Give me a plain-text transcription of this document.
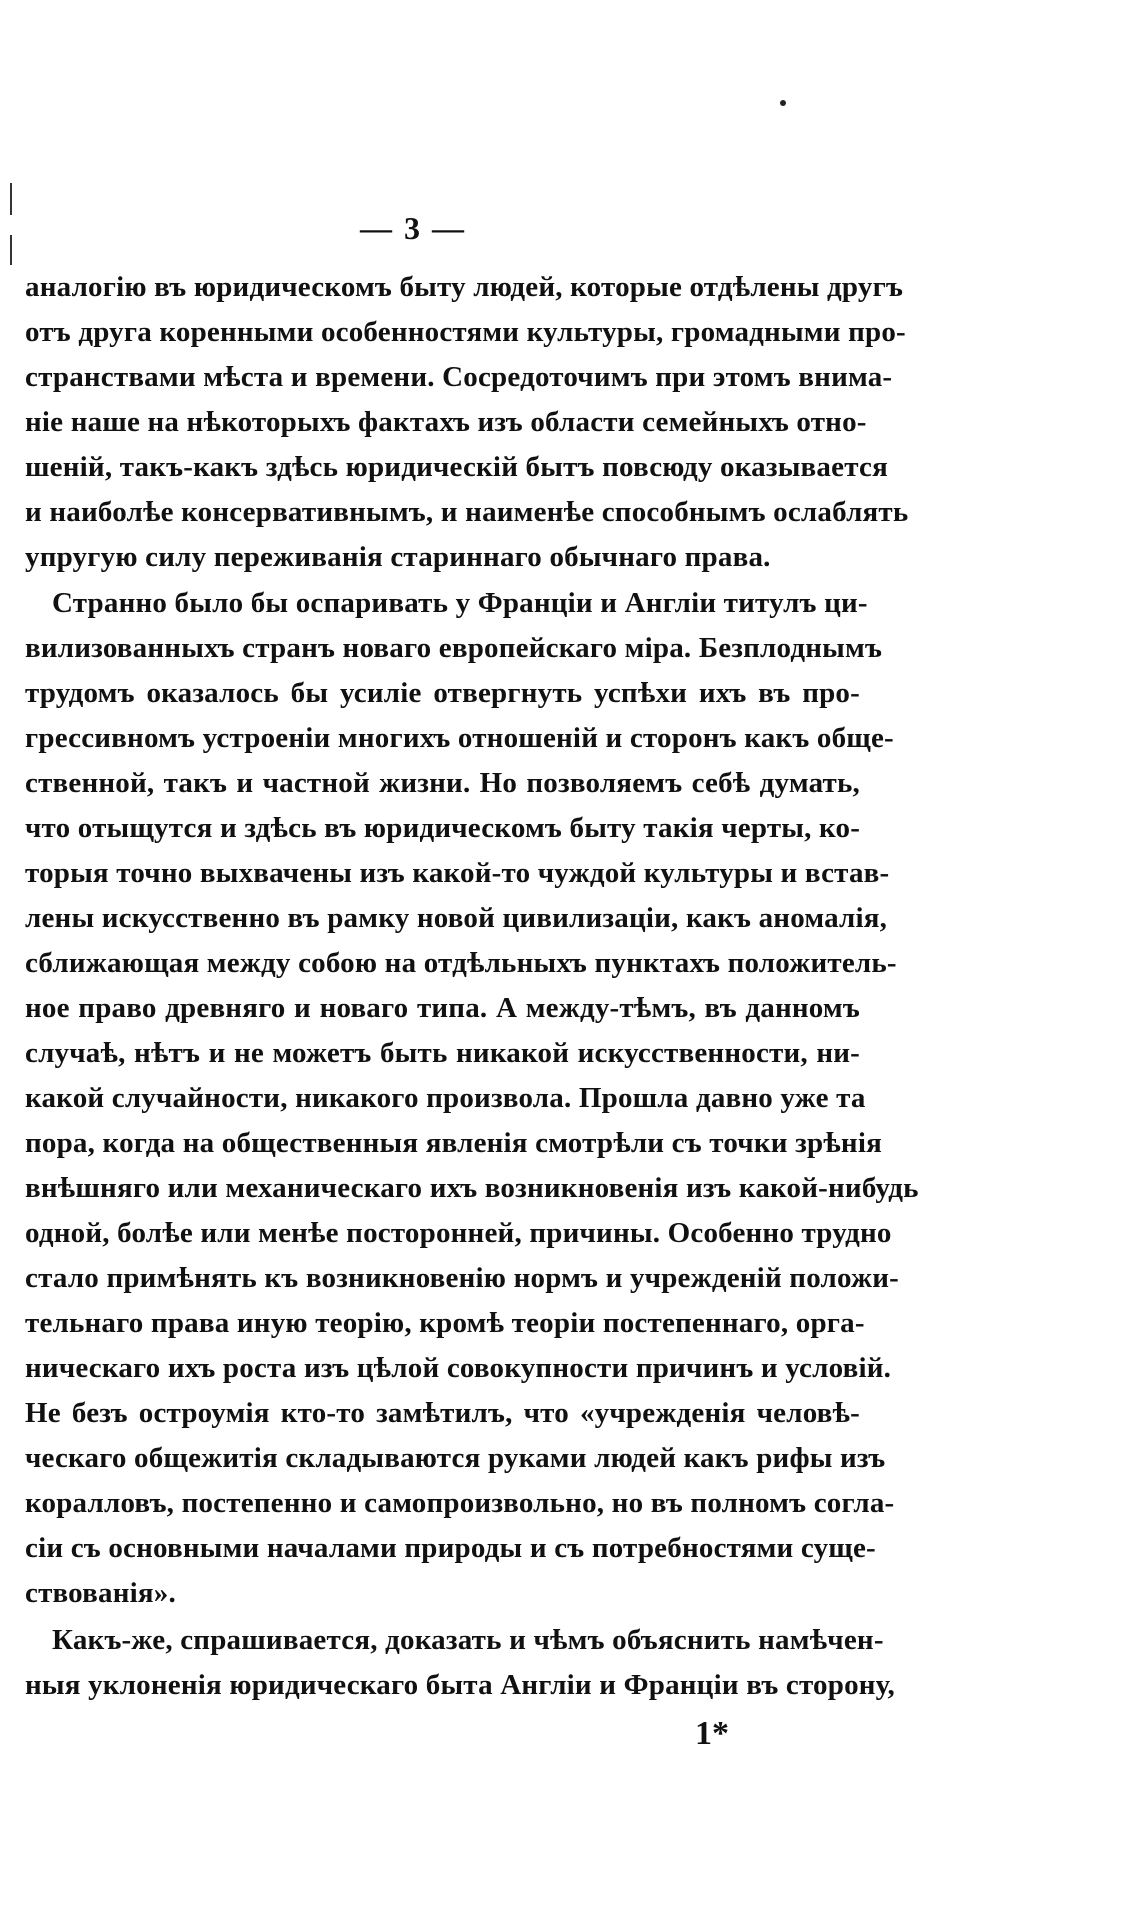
— 3 —
аналогію въ юридическомъ быту людей, которые отдѣлены другъ
отъ друга коренными особенностями культуры, громадными про-
странствами мѣста и времени. Сосредоточимъ при этомъ внима-
ніе наше на нѣкоторыхъ фактахъ изъ области семейныхъ отно-
шеній, такъ-какъ здѣсь юридическій бытъ повсюду оказывается
и наиболѣе консервативнымъ, и наименѣе способнымъ ослаблять
упругую силу переживанія стариннаго обычнаго права.
Странно было бы оспаривать у Франціи и Англіи титулъ ци-
вилизованныхъ странъ новаго европейскаго міра. Безплоднымъ
трудомъ оказалось бы усиліе отвергнуть успѣхи ихъ въ про-
грессивномъ устроеніи многихъ отношеній и сторонъ какъ обще-
ственной, такъ и частной жизни. Но позволяемъ себѣ думать,
что отыщутся и здѣсь въ юридическомъ быту такія черты, ко-
торыя точно выхвачены изъ какой-то чуждой культуры и встав-
лены искусственно въ рамку новой цивилизаціи, какъ аномалія,
сближающая между собою на отдѣльныхъ пунктахъ положитель-
ное право древняго и новаго типа. А между-тѣмъ, въ данномъ
случаѣ, нѣтъ и не можетъ быть никакой искусственности, ни-
какой случайности, никакого произвола. Прошла давно уже та
пора, когда на общественныя явленія смотрѣли съ точки зрѣнія
внѣшняго или механическаго ихъ возникновенія изъ какой-нибудь
одной, болѣе или менѣе посторонней, причины. Особенно трудно
стало примѣнять къ возникновенію нормъ и учрежденій положи-
тельнаго права иную теорію, кромѣ теоріи постепеннаго, орга-
ническаго ихъ роста изъ цѣлой совокупности причинъ и условій.
Не безъ остроумія кто-то замѣтилъ, что «учрежденія человѣ-
ческаго общежитія складываются руками людей какъ рифы изъ
коралловъ, постепенно и самопроизвольно, но въ полномъ согла-
сіи съ основными началами природы и съ потребностями суще-
ствованія».
Какъ-же, спрашивается, доказать и чѣмъ объяснить намѣчен-
ныя уклоненія юридическаго быта Англіи и Франціи въ сторону,
1*
